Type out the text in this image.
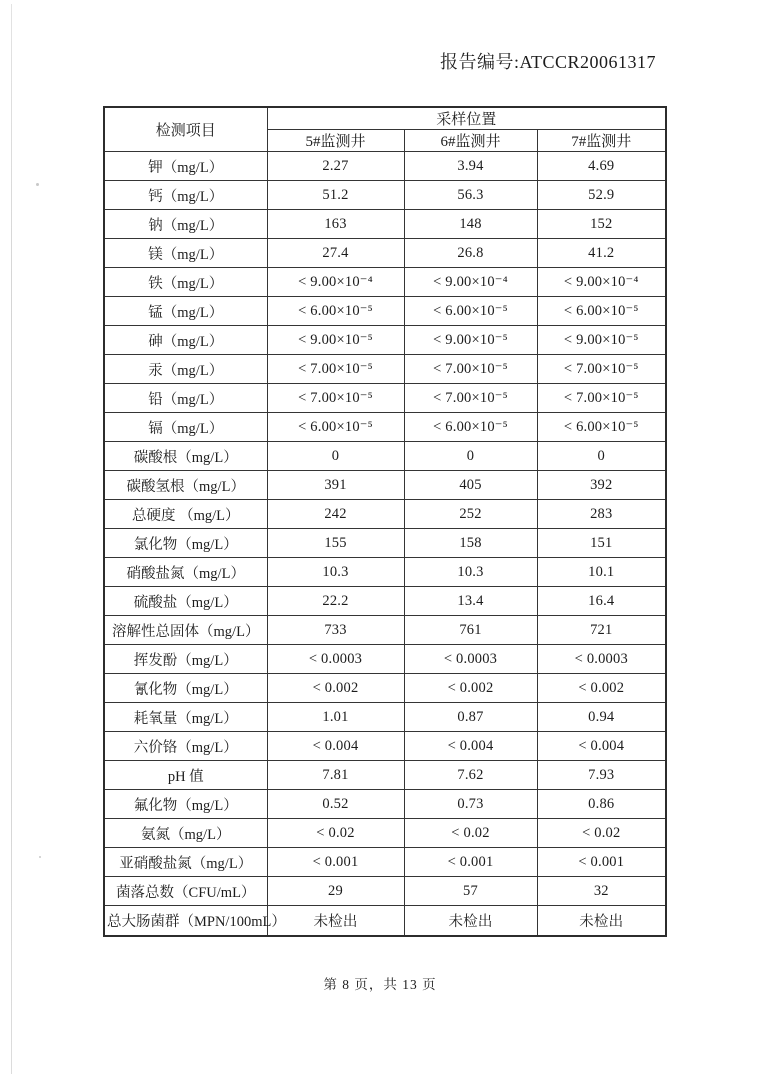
报告编号:ATCCR20061317
检测项目	采样位置		
	5#监测井	6#监测井	7#监测井
钾（mg/L）	2.27	3.94	4.69
钙（mg/L）	51.2	56.3	52.9
钠（mg/L）	163	148	152
镁（mg/L）	27.4	26.8	41.2
铁（mg/L）	< 9.00×10⁻⁴	< 9.00×10⁻⁴	< 9.00×10⁻⁴
锰（mg/L）	< 6.00×10⁻⁵	< 6.00×10⁻⁵	< 6.00×10⁻⁵
砷（mg/L）	< 9.00×10⁻⁵	< 9.00×10⁻⁵	< 9.00×10⁻⁵
汞（mg/L）	< 7.00×10⁻⁵	< 7.00×10⁻⁵	< 7.00×10⁻⁵
铅（mg/L）	< 7.00×10⁻⁵	< 7.00×10⁻⁵	< 7.00×10⁻⁵
镉（mg/L）	< 6.00×10⁻⁵	< 6.00×10⁻⁵	< 6.00×10⁻⁵
碳酸根（mg/L）	0	0	0
碳酸氢根（mg/L）	391	405	392
总硬度 （mg/L）	242	252	283
氯化物（mg/L）	155	158	151
硝酸盐氮（mg/L）	10.3	10.3	10.1
硫酸盐（mg/L）	22.2	13.4	16.4
溶解性总固体（mg/L）	733	761	721
挥发酚（mg/L）	< 0.0003	< 0.0003	< 0.0003
氰化物（mg/L）	< 0.002	< 0.002	< 0.002
耗氧量（mg/L）	1.01	0.87	0.94
六价铬（mg/L）	< 0.004	< 0.004	< 0.004
pH 值	7.81	7.62	7.93
氟化物（mg/L）	0.52	0.73	0.86
氨氮（mg/L）	< 0.02	< 0.02	< 0.02
亚硝酸盐氮（mg/L）	< 0.001	< 0.001	< 0.001
菌落总数（CFU/mL）	29	57	32
总大肠菌群（MPN/100mL）	未检出	未检出	未检出
第 8 页，共 13 页
